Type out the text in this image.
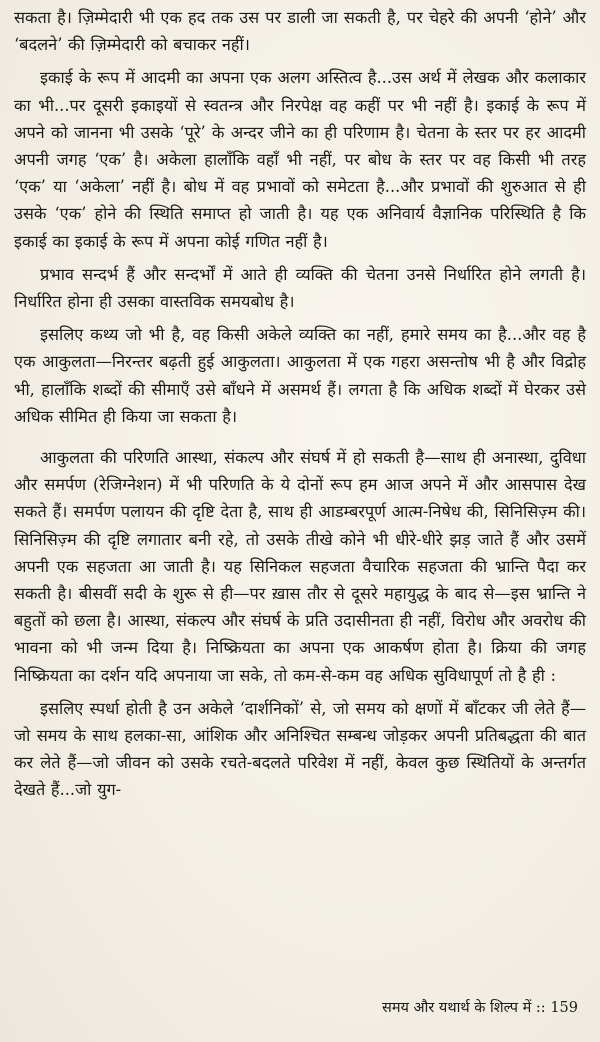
सकता है। ज़िम्मेदारी भी एक हद तक उस पर डाली जा सकती है, पर चेहरे की अपनी ‘होने’ और ‘बदलने’ की ज़िम्मेदारी को बचाकर नहीं।

इकाई के रूप में आदमी का अपना एक अलग अस्तित्व है...उस अर्थ में लेखक और कलाकार का भी...पर दूसरी इकाइयों से स्वतन्त्र और निरपेक्ष वह कहीं पर भी नहीं है। इकाई के रूप में अपने को जानना भी उसके ‘पूरे’ के अन्दर जीने का ही परिणाम है। चेतना के स्तर पर हर आदमी अपनी जगह ‘एक’ है। अकेला हालाँकि वहाँ भी नहीं, पर बोध के स्तर पर वह किसी भी तरह ‘एक’ या ‘अकेला’ नहीं है। बोध में वह प्रभावों को समेटता है...और प्रभावों की शुरुआत से ही उसके ‘एक’ होने की स्थिति समाप्त हो जाती है। यह एक अनिवार्य वैज्ञानिक परिस्थिति है कि इकाई का इकाई के रूप में अपना कोई गणित नहीं है।

प्रभाव सन्दर्भ हैं और सन्दर्भों में आते ही व्यक्ति की चेतना उनसे निर्धारित होने लगती है। निर्धारित होना ही उसका वास्तविक समयबोध है।

इसलिए कथ्य जो भी है, वह किसी अकेले व्यक्ति का नहीं, हमारे समय का है...और वह है एक आकुलता—निरन्तर बढ़ती हुई आकुलता। आकुलता में एक गहरा असन्तोष भी है और विद्रोह भी, हालाँकि शब्दों की सीमाएँ उसे बाँधने में असमर्थ हैं। लगता है कि अधिक शब्दों में घेरकर उसे अधिक सीमित ही किया जा सकता है।

आकुलता की परिणति आस्था, संकल्प और संघर्ष में हो सकती है—साथ ही अनास्था, दुविधा और समर्पण (रेजिग्नेशन) में भी परिणति के ये दोनों रूप हम आज अपने में और आसपास देख सकते हैं। समर्पण पलायन की दृष्टि देता है, साथ ही आडम्बरपूर्ण आत्म-निषेध की, सिनिसिज़्म की। सिनिसिज़्म की दृष्टि लगातार बनी रहे, तो उसके तीखे कोने भी धीरे-धीरे झड़ जाते हैं और उसमें अपनी एक सहजता आ जाती है। यह सिनिकल सहजता वैचारिक सहजता की भ्रान्ति पैदा कर सकती है। बीसवीं सदी के शुरू से ही—पर ख़ास तौर से दूसरे महायुद्ध के बाद से—इस भ्रान्ति ने बहुतों को छला है। आस्था, संकल्प और संघर्ष के प्रति उदासीनता ही नहीं, विरोध और अवरोध की भावना को भी जन्म दिया है। निष्क्रियता का अपना एक आकर्षण होता है। क्रिया की जगह निष्क्रियता का दर्शन यदि अपनाया जा सके, तो कम-से-कम वह अधिक सुविधापूर्ण तो है ही :

इसलिए स्पर्धा होती है उन अकेले ‘दार्शनिकों’ से, जो समय को क्षणों में बाँटकर जी लेते हैं—जो समय के साथ हलका-सा, आंशिक और अनिश्चित सम्बन्ध जोड़कर अपनी प्रतिबद्धता की बात कर लेते हैं—जो जीवन को उसके रचते-बदलते परिवेश में नहीं, केवल कुछ स्थितियों के अन्तर्गत देखते हैं...जो युग-

समय और यथार्थ के शिल्प में :: 159
